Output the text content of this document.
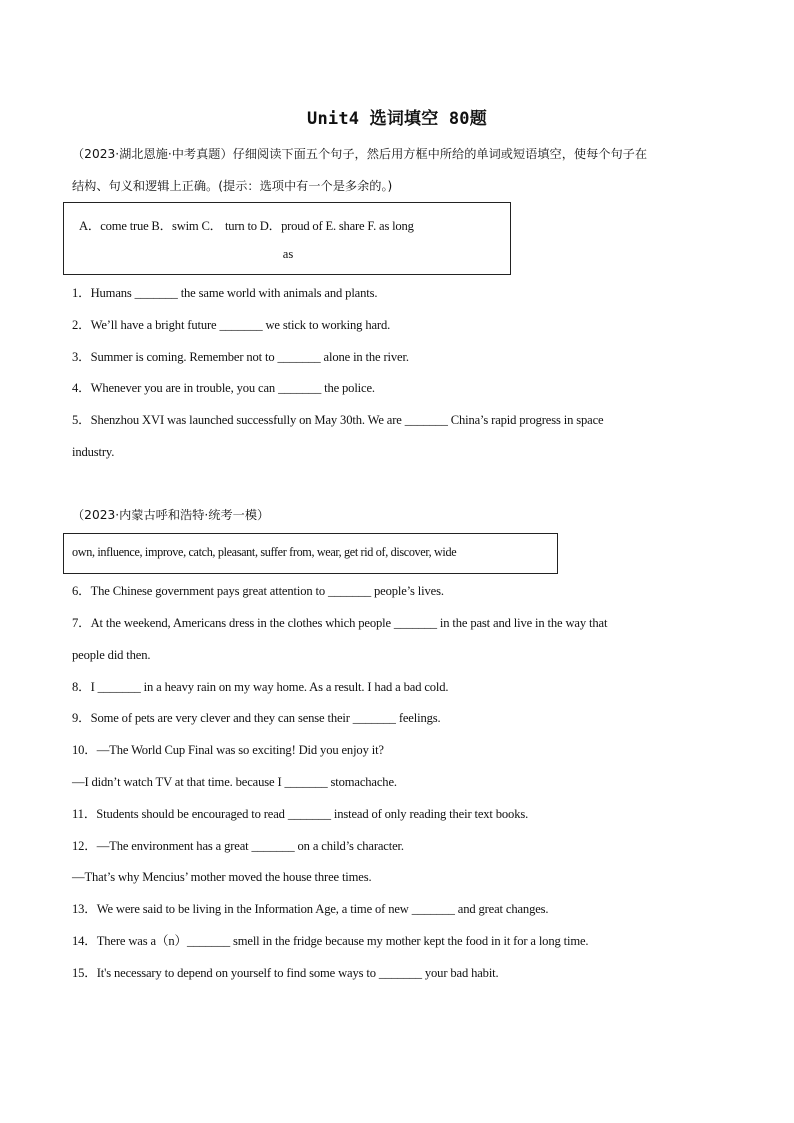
Unit4 选词填空 80题
（2023·湖北恩施·中考真题）仔细阅读下面五个句子，然后用方框中所给的单词或短语填空，使每个句子在
结构、句义和逻辑上正确。(提示：选项中有一个是多余的。)
A．come true B．swim C． turn to D．proud of E. share F. as long
as
1．Humans _______ the same world with animals and plants.
2．We’ll have a bright future _______ we stick to working hard.
3．Summer is coming. Remember not to _______ alone in the river.
4．Whenever you are in trouble, you can _______ the police.
5．Shenzhou XVI was launched successfully on May 30th. We are _______ China’s rapid progress in space
industry.
（2023·内蒙古呼和浩特·统考一模）
own, influence, improve, catch, pleasant, suffer from, wear, get rid of, discover, wide
6．The Chinese government pays great attention to _______ people’s lives.
7．At the weekend, Americans dress in the clothes which people _______ in the past and live in the way that
people did then.
8．I _______ in a heavy rain on my way home. As a result. I had a bad cold.
9．Some of pets are very clever and they can sense their _______ feelings.
10．—The World Cup Final was so exciting! Did you enjoy it?
—I didn’t watch TV at that time. because I _______ stomachache.
11．Students should be encouraged to read _______ instead of only reading their text books.
12．—The environment has a great _______ on a child’s character.
—That’s why Mencius’ mother moved the house three times.
13．We were said to be living in the Information Age, a time of new _______ and great changes.
14．There was a（n）_______ smell in the fridge because my mother kept the food in it for a long time.
15．It's necessary to depend on yourself to find some ways to _______ your bad habit.
